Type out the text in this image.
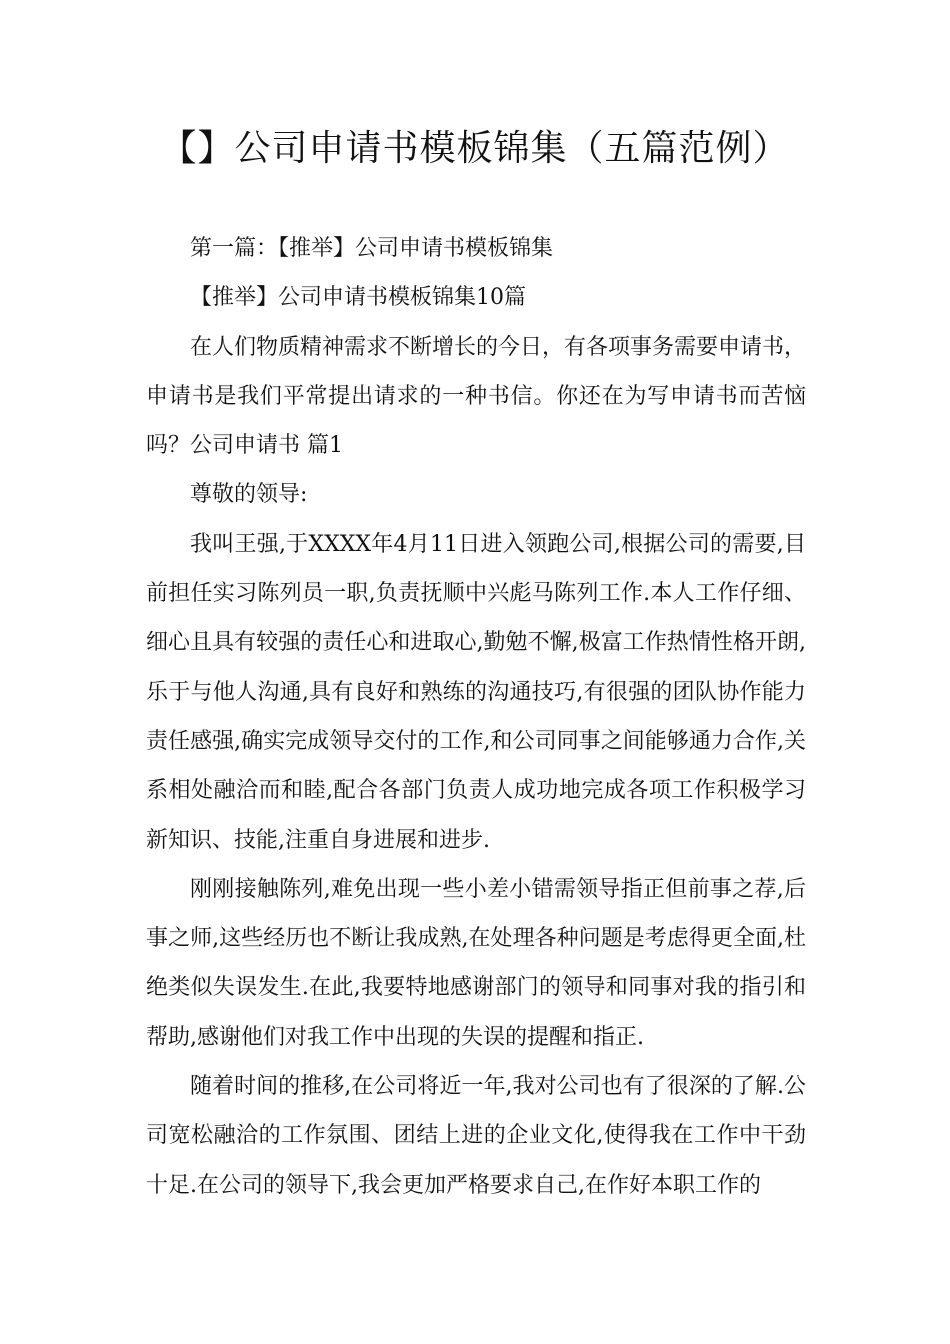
【】公司申请书模板锦集（五篇范例）

第一篇：【推举】公司申请书模板锦集

【推举】公司申请书模板锦集10篇

在人们物质精神需求不断增长的今日，有各项事务需要申请书，申请书是我们平常提出请求的一种书信。你还在为写申请书而苦恼吗？公司申请书 篇1

尊敬的领导:

我叫王强,于XXXX年4月11日进入领跑公司,根据公司的需要,目前担任实习陈列员一职,负责抚顺中兴彪马陈列工作.本人工作仔细、细心且具有较强的责任心和进取心,勤勉不懈,极富工作热情性格开朗,乐于与他人沟通,具有良好和熟练的沟通技巧,有很强的团队协作能力责任感强,确实完成领导交付的工作,和公司同事之间能够通力合作,关系相处融洽而和睦,配合各部门负责人成功地完成各项工作积极学习新知识、技能,注重自身进展和进步.

刚刚接触陈列,难免出现一些小差小错需领导指正但前事之荐,后事之师,这些经历也不断让我成熟,在处理各种问题是考虑得更全面,杜绝类似失误发生.在此,我要特地感谢部门的领导和同事对我的指引和帮助,感谢他们对我工作中出现的失误的提醒和指正.

随着时间的推移,在公司将近一年,我对公司也有了很深的了解.公司宽松融洽的工作氛围、团结上进的企业文化,使得我在工作中干劲十足.在公司的领导下,我会更加严格要求自己,在作好本职工作的
